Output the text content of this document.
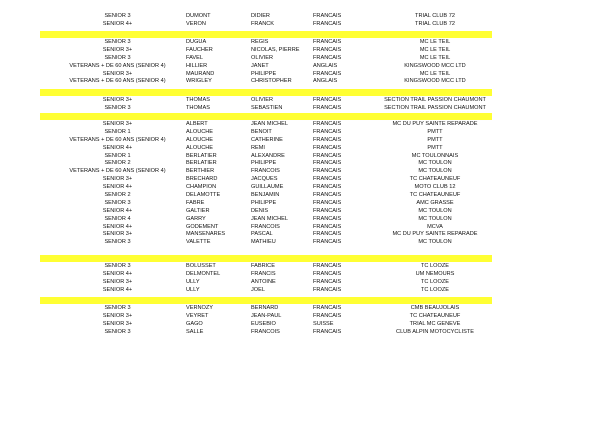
SENIOR 3	DUMONT	DIDIER	FRANCAIS	TRIAL CLUB 72
SENIOR 4+	VERON	FRANCK	FRANCAIS	TRIAL CLUB 72
SENIOR 3	DUGUA	REGIS	FRANCAIS	MC LE TEIL
SENIOR 3+	FAUCHER	NICOLAS, PIERRE FRANCAIS	MC LE TEIL
SENIOR 3	FAVEL	OLIVIER	FRANCAIS	MC LE TEIL
VETERANS + DE 60 ANS (SENIOR 4)	HILLIER	JANET	ANGLAIS	KINGSWOOD MCC LTD
SENIOR 3+	MAURAND	PHILIPPE	FRANCAIS	MC LE TEIL
VETERANS + DE 60 ANS (SENIOR 4)	WRIGLEY	CHRISTOPHER	ANGLAIS	KINGSWOOD MCC LTD
SENIOR 3+	THOMAS	OLIVIER	FRANCAIS	SECTION TRAIL PASSION CHAUMONT
SENIOR 3	THOMAS	SEBASTIEN	FRANCAIS	SECTION TRAIL PASSION CHAUMONT
SENIOR 3+	ALBERT	JEAN MICHEL	FRANCAIS	MC DU PUY SAINTE REPARADE
SENIOR 1	ALOUCHE	BENOIT	FRANCAIS	PMTT
VETERANS + DE 60 ANS (SENIOR 4)	ALOUCHE	CATHERINE	FRANCAIS	PMTT
SENIOR 4+	ALOUCHE	REMI	FRANCAIS	PMTT
SENIOR 1	BERLATIER	ALEXANDRE	FRANCAIS	MC TOULONNAIS
SENIOR 2	BERLATIER	PHILIPPE	FRANCAIS	MC TOULON
VETERANS + DE 60 ANS (SENIOR 4)	BERTHIER	FRANCOIS	FRANCAIS	MC TOULON
SENIOR 3+	BRECHARD	JACQUES	FRANCAIS	TC CHATEAUNEUF
SENIOR 4+	CHAMPION	GUILLAUME	FRANCAIS	MOTO CLUB 12
SENIOR 2	DELAMOTTE	BENJAMIN	FRANCAIS	TC CHATEAUNEUF
SENIOR 3	FABRE	PHILIPPE	FRANCAIS	AMC GRASSE
SENIOR 4+	GALTIER	DENIS	FRANCAIS	MC TOULON
SENIOR 4	GARRY	JEAN MICHEL	FRANCAIS	MC TOULON
SENIOR 4+	GODEMENT	FRANCOIS	FRANCAIS	MCVA
SENIOR 3+	MANSENARES	PASCAL	FRANCAIS	MC DU PUY SAINTE REPARADE
SENIOR 3	VALETTE	MATHIEU	FRANCAIS	MC TOULON
SENIOR 3	BOLUSSET	FABRICE	FRANCAIS	TC LOOZE
SENIOR 4+	DELMONTEL	FRANCIS	FRANCAIS	UM NEMOURS
SENIOR 3+	ULLY	ANTOINE	FRANCAIS	TC LOOZE
SENIOR 4+	ULLY	JOEL	FRANCAIS	TC LOOZE
SENIOR 3	VERNOZY	BERNARD	FRANCAIS	CMB BEAUJOLAIS
SENIOR 3+	VEYRET	JEAN-PAUL	FRANCAIS	TC CHATEAUNEUF
SENIOR 3+	GAGO	EUSEBIO	SUISSE	TRIAL MC GENEVE
SENIOR 3	SALLE	FRANCOIS	FRANCAIS	CLUB ALPIN MOTOCYCLISTE
